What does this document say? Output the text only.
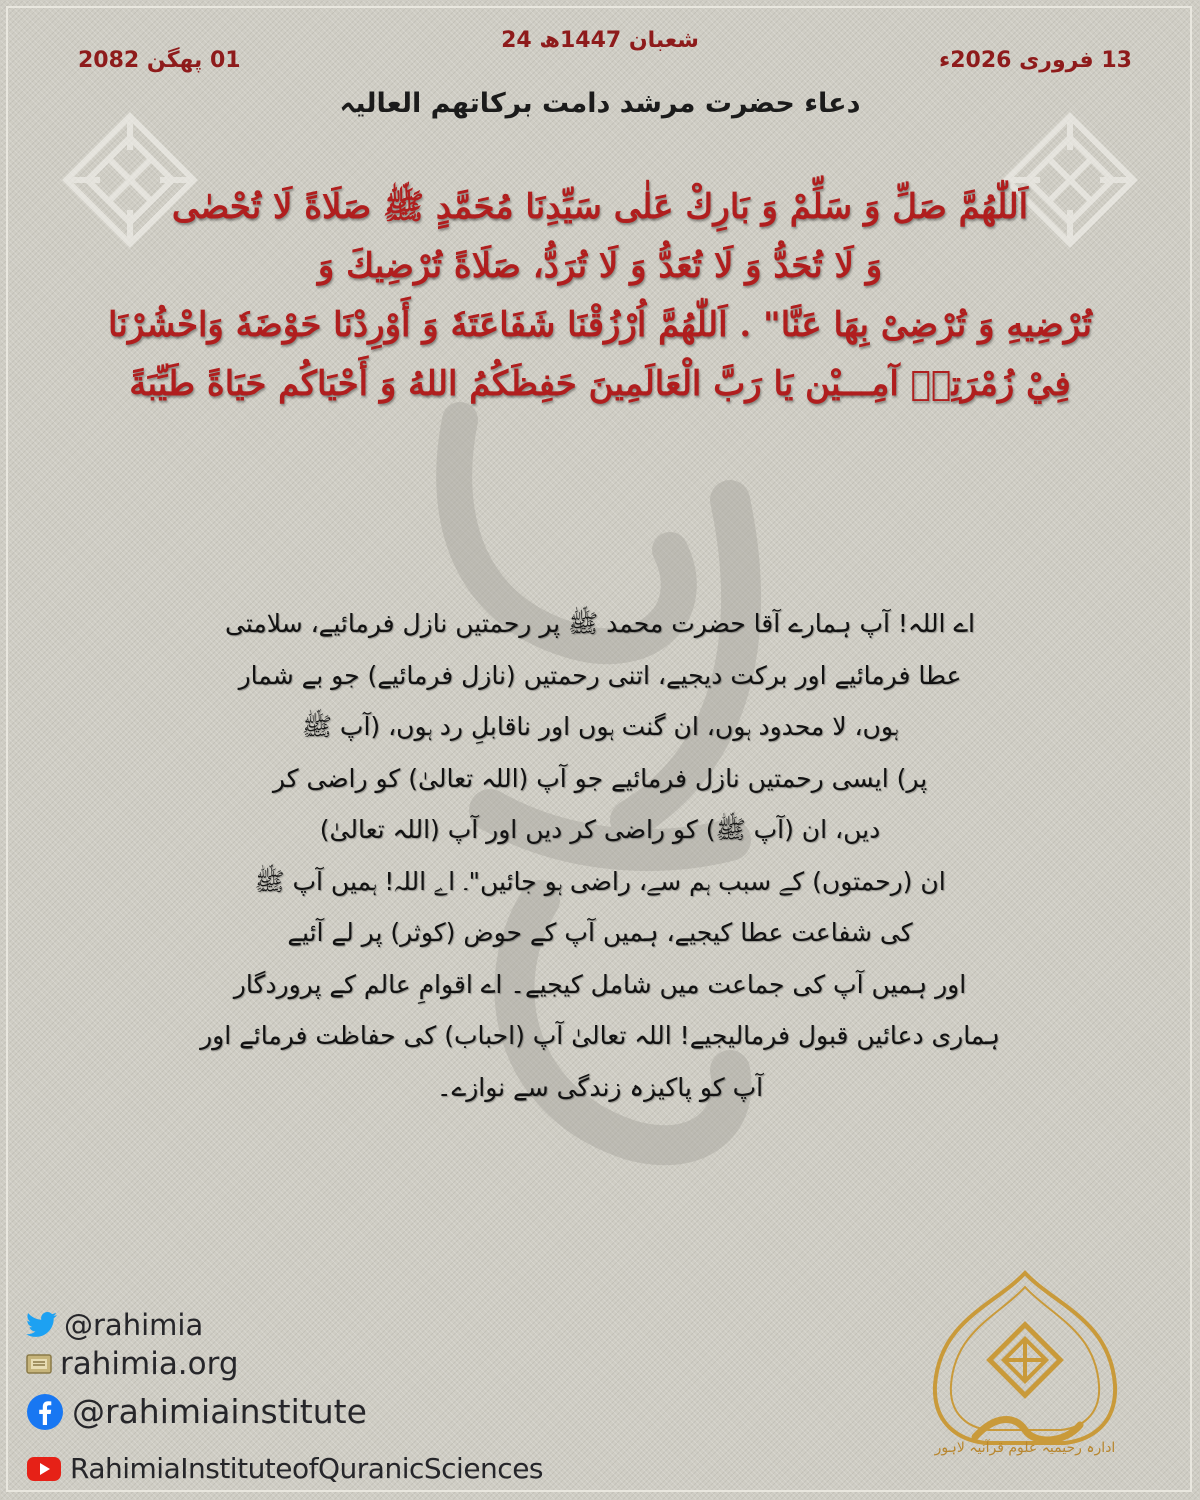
24 شعبان 1447ھ
13 فروری 2026ء
01 پھگن 2082
دعاء حضرت مرشد دامت برکاتھم العالیہ
اَللّٰهُمَّ صَلِّ وَ سَلِّمْ وَ بَارِكْ عَلٰى سَيِّدِنَا مُحَمَّدٍ ﷺ صَلَاةً لَا تُحْصٰى
وَ لَا تُحَدُّ وَ لَا تُعَدُّ وَ لَا تُرَدُّ، صَلَاةً تُرْضِيكَ وَ
تُرْضِيهِ وَ تُرْضِىْ بِهَا عَنَّا" . اَللّٰهُمَّ اُرْزُقْنَا شَفَاعَتَهٗ وَ أَوْرِدْنَا حَوْضَهٗ وَاحْشُرْنَا
فِيْ زُمْرَتِهٖ آمِـــيْن يَا رَبَّ الْعَالَمِينَ حَفِظَكُمُ اللهُ وَ أَحْيَاكُم حَيَاةً طَيِّبَةً
اے اللہ! آپ ہمارے آقا حضرت محمد ﷺ پر رحمتیں نازل فرمائیے، سلامتی
عطا فرمائیے اور برکت دیجیے، اتنی رحمتیں (نازل فرمائیے) جو بے شمار
ہوں، لا محدود ہوں، ان گنت ہوں اور ناقابلِ رد ہوں، (آپ ﷺ
پر) ایسی رحمتیں نازل فرمائیے جو آپ (اللہ تعالیٰ) کو راضی کر
دیں، ان (آپ ﷺ) کو راضی کر دیں اور آپ (اللہ تعالیٰ)
ان (رحمتوں) کے سبب ہم سے، راضی ہو جائیں"۔ اے اللہ! ہمیں آپ ﷺ
کی شفاعت عطا کیجیے، ہمیں آپ کے حوض (کوثر) پر لے آئیے
اور ہمیں آپ کی جماعت میں شامل کیجیے۔ اے اقوامِ عالم کے پروردگار
ہماری دعائیں قبول فرمالیجیے! اللہ تعالیٰ آپ (احباب) کی حفاظت فرمائے اور
آپ کو پاکیزہ زندگی سے نوازے۔
@rahimia
rahimia.org
@rahimiainstitute
RahimiaInstituteofQuranicSciences
ادارہ رحیمیہ علوم قرآنیہ لاہور
